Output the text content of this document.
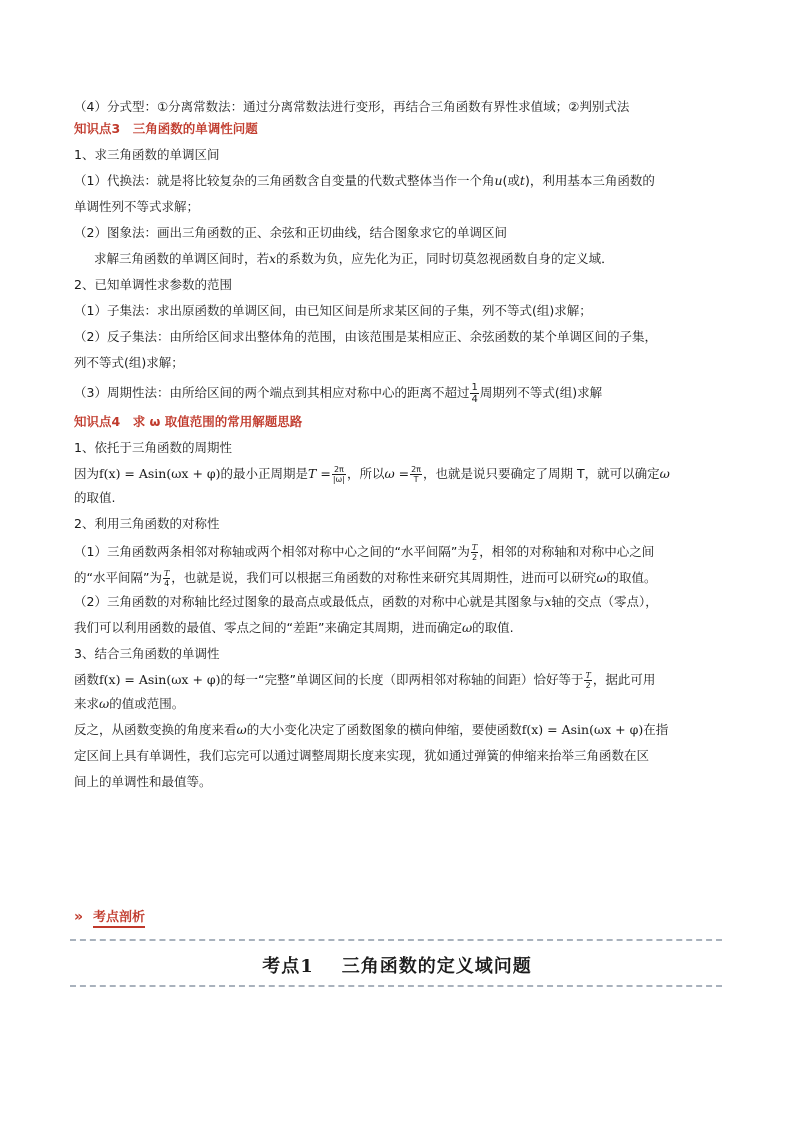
（4）分式型：①分离常数法：通过分离常数法进行变形，再结合三角函数有界性求值域；②判别式法

知识点3　三角函数的单调性问题

1、求三角函数的单调区间

（1）代换法：就是将比较复杂的三角函数含自变量的代数式整体当作一个角u(或t)，利用基本三角函数的

单调性列不等式求解；

（2）图象法：画出三角函数的正、余弦和正切曲线，结合图象求它的单调区间

求解三角函数的单调区间时，若x的系数为负，应先化为正，同时切莫忽视函数自身的定义域．

2、已知单调性求参数的范围

（1）子集法：求出原函数的单调区间，由已知区间是所求某区间的子集，列不等式(组)求解；

（2）反子集法：由所给区间求出整体角的范围，由该范围是某相应正、余弦函数的某个单调区间的子集，

列不等式(组)求解；

（3）周期性法：由所给区间的两个端点到其相应对称中心的距离不超过 $\frac{1}{4}$ 周期列不等式(组)求解

知识点4　求 ω 取值范围的常用解题思路

1、依托于三角函数的周期性

因为f(x) = Asin(ωx + φ)的最小正周期是$T = \frac{2\pi}{|\omega|}$ ，所以$\omega = \frac{2\pi}{T}$ ，也就是说只要确定了周期 T，就可以确定ω

的取值.

2、利用三角函数的对称性

（1）三角函数两条相邻对称轴或两个相邻对称中心之间的“水平间隔”为 $\frac{T}{2}$ ，相邻的对称轴和对称中心之间

的“水平间隔”为 $\frac{T}{4}$ ，也就是说，我们可以根据三角函数的对称性来研究其周期性，进而可以研究ω的取值。

（2）三角函数的对称轴比经过图象的最高点或最低点，函数的对称中心就是其图象与x轴的交点（零点），

我们可以利用函数的最值、零点之间的“差距”来确定其周期，进而确定ω的取值.

3、结合三角函数的单调性

函数f(x) = Asin(ωx + φ)的每一“完整”单调区间的长度（即两相邻对称轴的间距）恰好等于 $\frac{T}{2}$ ，据此可用

来求ω的值或范围。

反之，从函数变换的角度来看ω的大小变化决定了函数图象的横向伸缩，要使函数f(x) = Asin(ωx + φ)在指

定区间上具有单调性，我们忘完可以通过调整周期长度来实现，犹如通过弹簧的伸缩来抬举三角函数在区

间上的单调性和最值等。

» 考点剖析
考点1 三角函数的定义域问题
